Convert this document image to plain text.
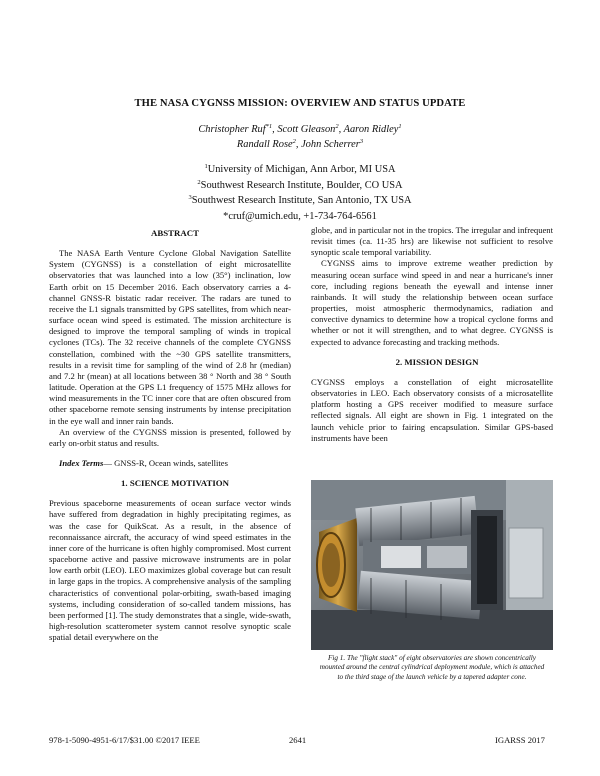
THE NASA CYGNSS MISSION: OVERVIEW AND STATUS UPDATE
Christopher Ruf$^{*1}$, Scott Gleason$^2$, Aaron Ridley$^1$
Randall Rose$^2$, John Scherrer$^3$
$^1$University of Michigan, Ann Arbor, MI USA
$^2$Southwest Research Institute, Boulder, CO USA
$^3$Southwest Research Institute, San Antonio, TX USA
*cruf@umich.edu, +1-734-764-6561

ABSTRACT

The NASA Earth Venture Cyclone Global Navigation Satellite System (CYGNSS) is a constellation of eight microsatellite observatories that was launched into a low (35°) inclination, low Earth orbit on 15 December 2016. Each observatory carries a 4-channel GNSS-R bistatic radar receiver. The radars are tuned to receive the L1 signals transmitted by GPS satellites, from which near-surface ocean wind speed is estimated. The mission architecture is designed to improve the temporal sampling of winds in tropical cyclones (TCs). The 32 receive channels of the complete CYGNSS constellation, combined with the ~30 GPS satellite transmitters, results in a revisit time for sampling of the wind of 2.8 hr (median) and 7.2 hr (mean) at all locations between 38 ° North and 38 ° South latitude. Operation at the GPS L1 frequency of 1575 MHz allows for wind measurements in the TC inner core that are often obscured from other spaceborne remote sensing instruments by intense precipitation in the eye wall and inner rain bands.

An overview of the CYGNSS mission is presented, followed by early on-orbit status and results.

Index Terms— GNSS-R, Ocean winds, satellites

1. SCIENCE MOTIVATION

Previous spaceborne measurements of ocean surface vector winds have suffered from degradation in highly precipitating regimes, as was the case for QuikScat. As a result, in the absence of reconnaissance aircraft, the accuracy of wind speed estimates in the inner core of the hurricane is often highly compromised. Most current spaceborne active and passive microwave instruments are in polar low earth orbit (LEO). LEO maximizes global coverage but can result in large gaps in the tropics. A comprehensive analysis of the sampling characteristics of conventional polar-orbiting, swath-based imaging systems, including consideration of so-called tandem missions, has been performed [1]. The study demonstrates that a single, wide-swath, high-resolution scatterometer system cannot resolve synoptic scale spatial detail everywhere on the

globe, and in particular not in the tropics. The irregular and infrequent revisit times (ca. 11-35 hrs) are likewise not sufficient to resolve synoptic scale temporal variability.

CYGNSS aims to improve extreme weather prediction by measuring ocean surface wind speed in and near a hurricane's inner core, including regions beneath the eyewall and intense inner rainbands. It will study the relationship between ocean surface properties, moist atmospheric thermodynamics, radiation and convective dynamics to determine how a tropical cyclone forms and whether or not it will strengthen, and to what degree. CYGNSS is expected to advance forecasting and tracking methods.

2. MISSION DESIGN

CYGNSS employs a constellation of eight microsatellite observatories in LEO. Each observatory consists of a microsatellite platform hosting a GPS receiver modified to measure surface reflected signals. All eight are shown in Fig. 1 integrated on the launch vehicle prior to fairing encapsulation. Similar GPS-based instruments have been

Fig 1. The "flight stack" of eight observatories are shown concentrically mounted around the central cylindrical deployment module, which is attached to the third stage of the launch vehicle by a tapered adapter cone.
978-1-5090-4951-6/17/$31.00 ©2017 IEEE	2641	IGARSS 2017
